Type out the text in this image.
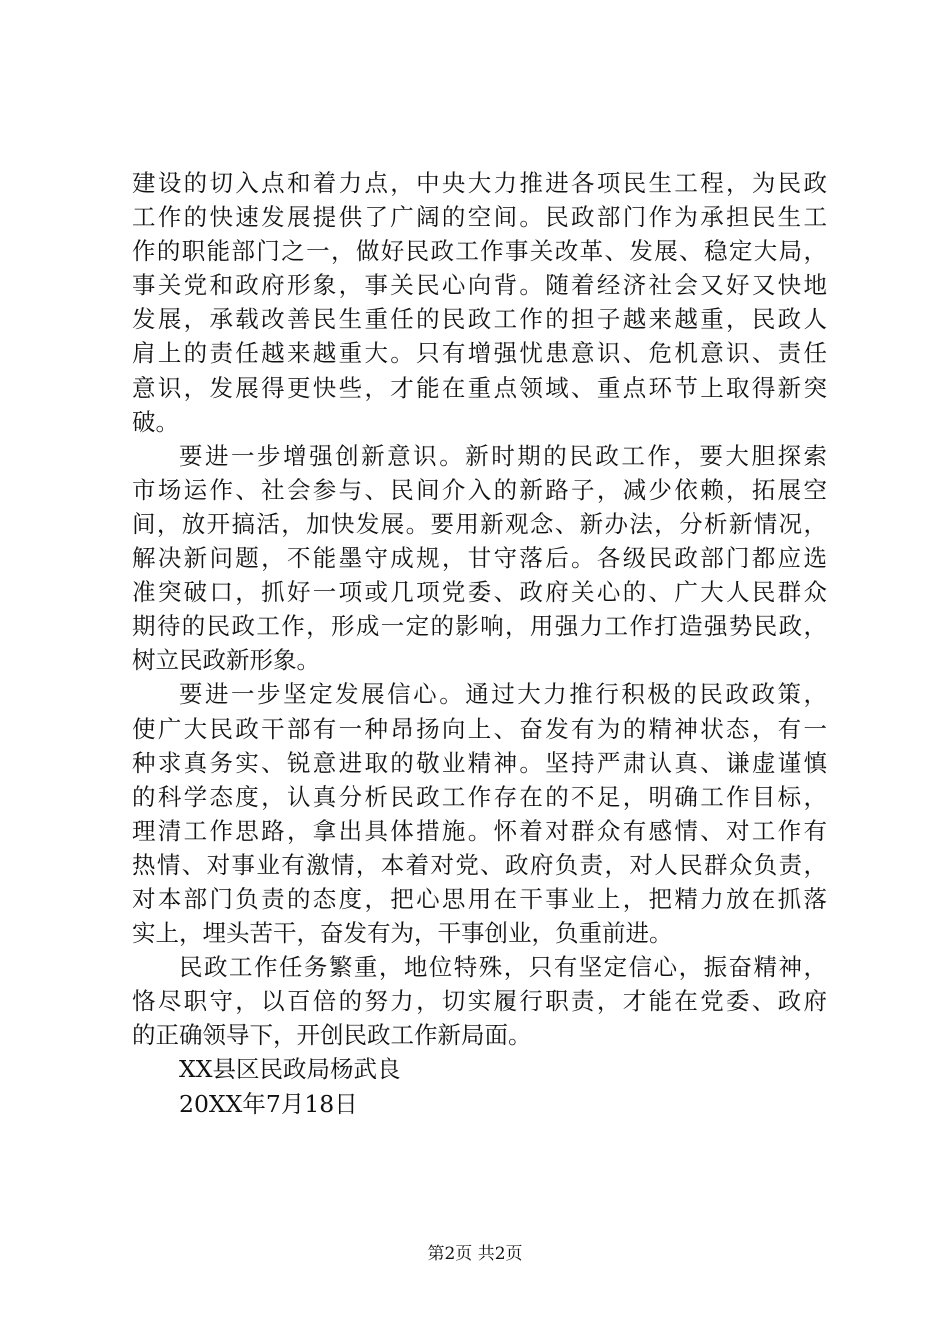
建设的切入点和着力点，中央大力推进各项民生工程，为民政
工作的快速发展提供了广阔的空间。民政部门作为承担民生工
作的职能部门之一，做好民政工作事关改革、发展、稳定大局，
事关党和政府形象，事关民心向背。随着经济社会又好又快地
发展，承载改善民生重任的民政工作的担子越来越重，民政人
肩上的责任越来越重大。只有增强忧患意识、危机意识、责任
意识，发展得更快些，才能在重点领域、重点环节上取得新突
破。
要进一步增强创新意识。新时期的民政工作，要大胆探索
市场运作、社会参与、民间介入的新路子，减少依赖，拓展空
间，放开搞活，加快发展。要用新观念、新办法，分析新情况，
解决新问题，不能墨守成规，甘守落后。各级民政部门都应选
准突破口，抓好一项或几项党委、政府关心的、广大人民群众
期待的民政工作，形成一定的影响，用强力工作打造强势民政，
树立民政新形象。
要进一步坚定发展信心。通过大力推行积极的民政政策，
使广大民政干部有一种昂扬向上、奋发有为的精神状态，有一
种求真务实、锐意进取的敬业精神。坚持严肃认真、谦虚谨慎
的科学态度，认真分析民政工作存在的不足，明确工作目标，
理清工作思路，拿出具体措施。怀着对群众有感情、对工作有
热情、对事业有激情，本着对党、政府负责，对人民群众负责，
对本部门负责的态度，把心思用在干事业上，把精力放在抓落
实上，埋头苦干，奋发有为，干事创业，负重前进。
民政工作任务繁重，地位特殊，只有坚定信心，振奋精神，
恪尽职守，以百倍的努力，切实履行职责，才能在党委、政府
的正确领导下，开创民政工作新局面。
XX县区民政局杨武良
20XX年7月18日
第2页 共2页
